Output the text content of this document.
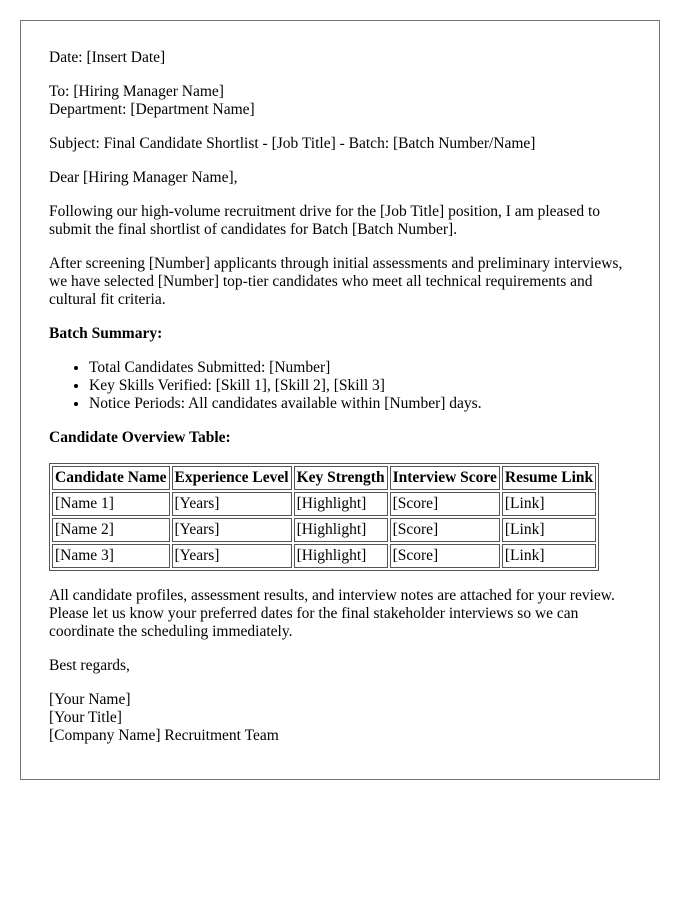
Date: [Insert Date]

To: [Hiring Manager Name]
Department: [Department Name]

Subject: Final Candidate Shortlist - [Job Title] - Batch: [Batch Number/Name]

Dear [Hiring Manager Name],

Following our high-volume recruitment drive for the [Job Title] position, I am pleased to submit the final shortlist of candidates for Batch [Batch Number].

After screening [Number] applicants through initial assessments and preliminary interviews, we have selected [Number] top-tier candidates who meet all technical requirements and cultural fit criteria.

Batch Summary:
• Total Candidates Submitted: [Number]
• Key Skills Verified: [Skill 1], [Skill 2], [Skill 3]
• Notice Periods: All candidates available within [Number] days.
Candidate Overview Table:
Candidate Name	Experience Level	Key Strength	Interview Score	Resume Link
[Name 1]	[Years]	[Highlight]	[Score]	[Link]
[Name 2]	[Years]	[Highlight]	[Score]	[Link]
[Name 3]	[Years]	[Highlight]	[Score]	[Link]

All candidate profiles, assessment results, and interview notes are attached for your review. Please let us know your preferred dates for the final stakeholder interviews so we can coordinate the scheduling immediately.

Best regards,

[Your Name]
[Your Title]
[Company Name] Recruitment Team
